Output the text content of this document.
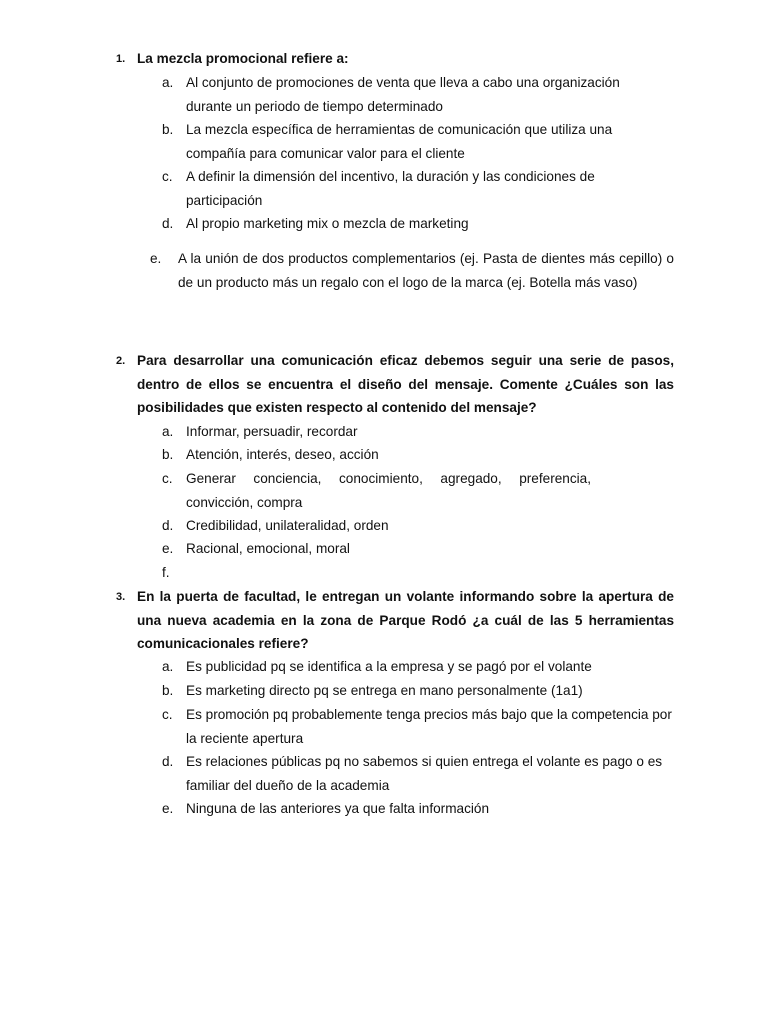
1. La mezcla promocional refiere a:
a. Al conjunto de promociones de venta que lleva a cabo una organización durante un periodo de tiempo determinado
b. La mezcla específica de herramientas de comunicación que utiliza una compañía para comunicar valor para el cliente
c. A definir la dimensión del incentivo, la duración y las condiciones de participación
d. Al propio marketing mix o mezcla de marketing
e. A la unión de dos productos complementarios (ej. Pasta de dientes más cepillo) o de un producto más un regalo con el logo de la marca (ej. Botella más vaso)
2. Para desarrollar una comunicación eficaz debemos seguir una serie de pasos, dentro de ellos se encuentra el diseño del mensaje. Comente ¿Cuáles son las posibilidades que existen respecto al contenido del mensaje?
a. Informar, persuadir, recordar
b. Atención, interés, deseo, acción
c. Generar conciencia, conocimiento, agregado, preferencia, convicción, compra
d. Credibilidad, unilateralidad, orden
e. Racional, emocional, moral
f.
3. En la puerta de facultad, le entregan un volante informando sobre la apertura de una nueva academia en la zona de Parque Rodó ¿a cuál de las 5 herramientas comunicacionales refiere?
a. Es publicidad pq se identifica a la empresa y se pagó por el volante
b. Es marketing directo pq se entrega en mano personalmente (1a1)
c. Es promoción pq probablemente tenga precios más bajo que la competencia por la reciente apertura
d. Es relaciones públicas pq no sabemos si quien entrega el volante es pago o es familiar del dueño de la academia
e. Ninguna de las anteriores ya que falta información
